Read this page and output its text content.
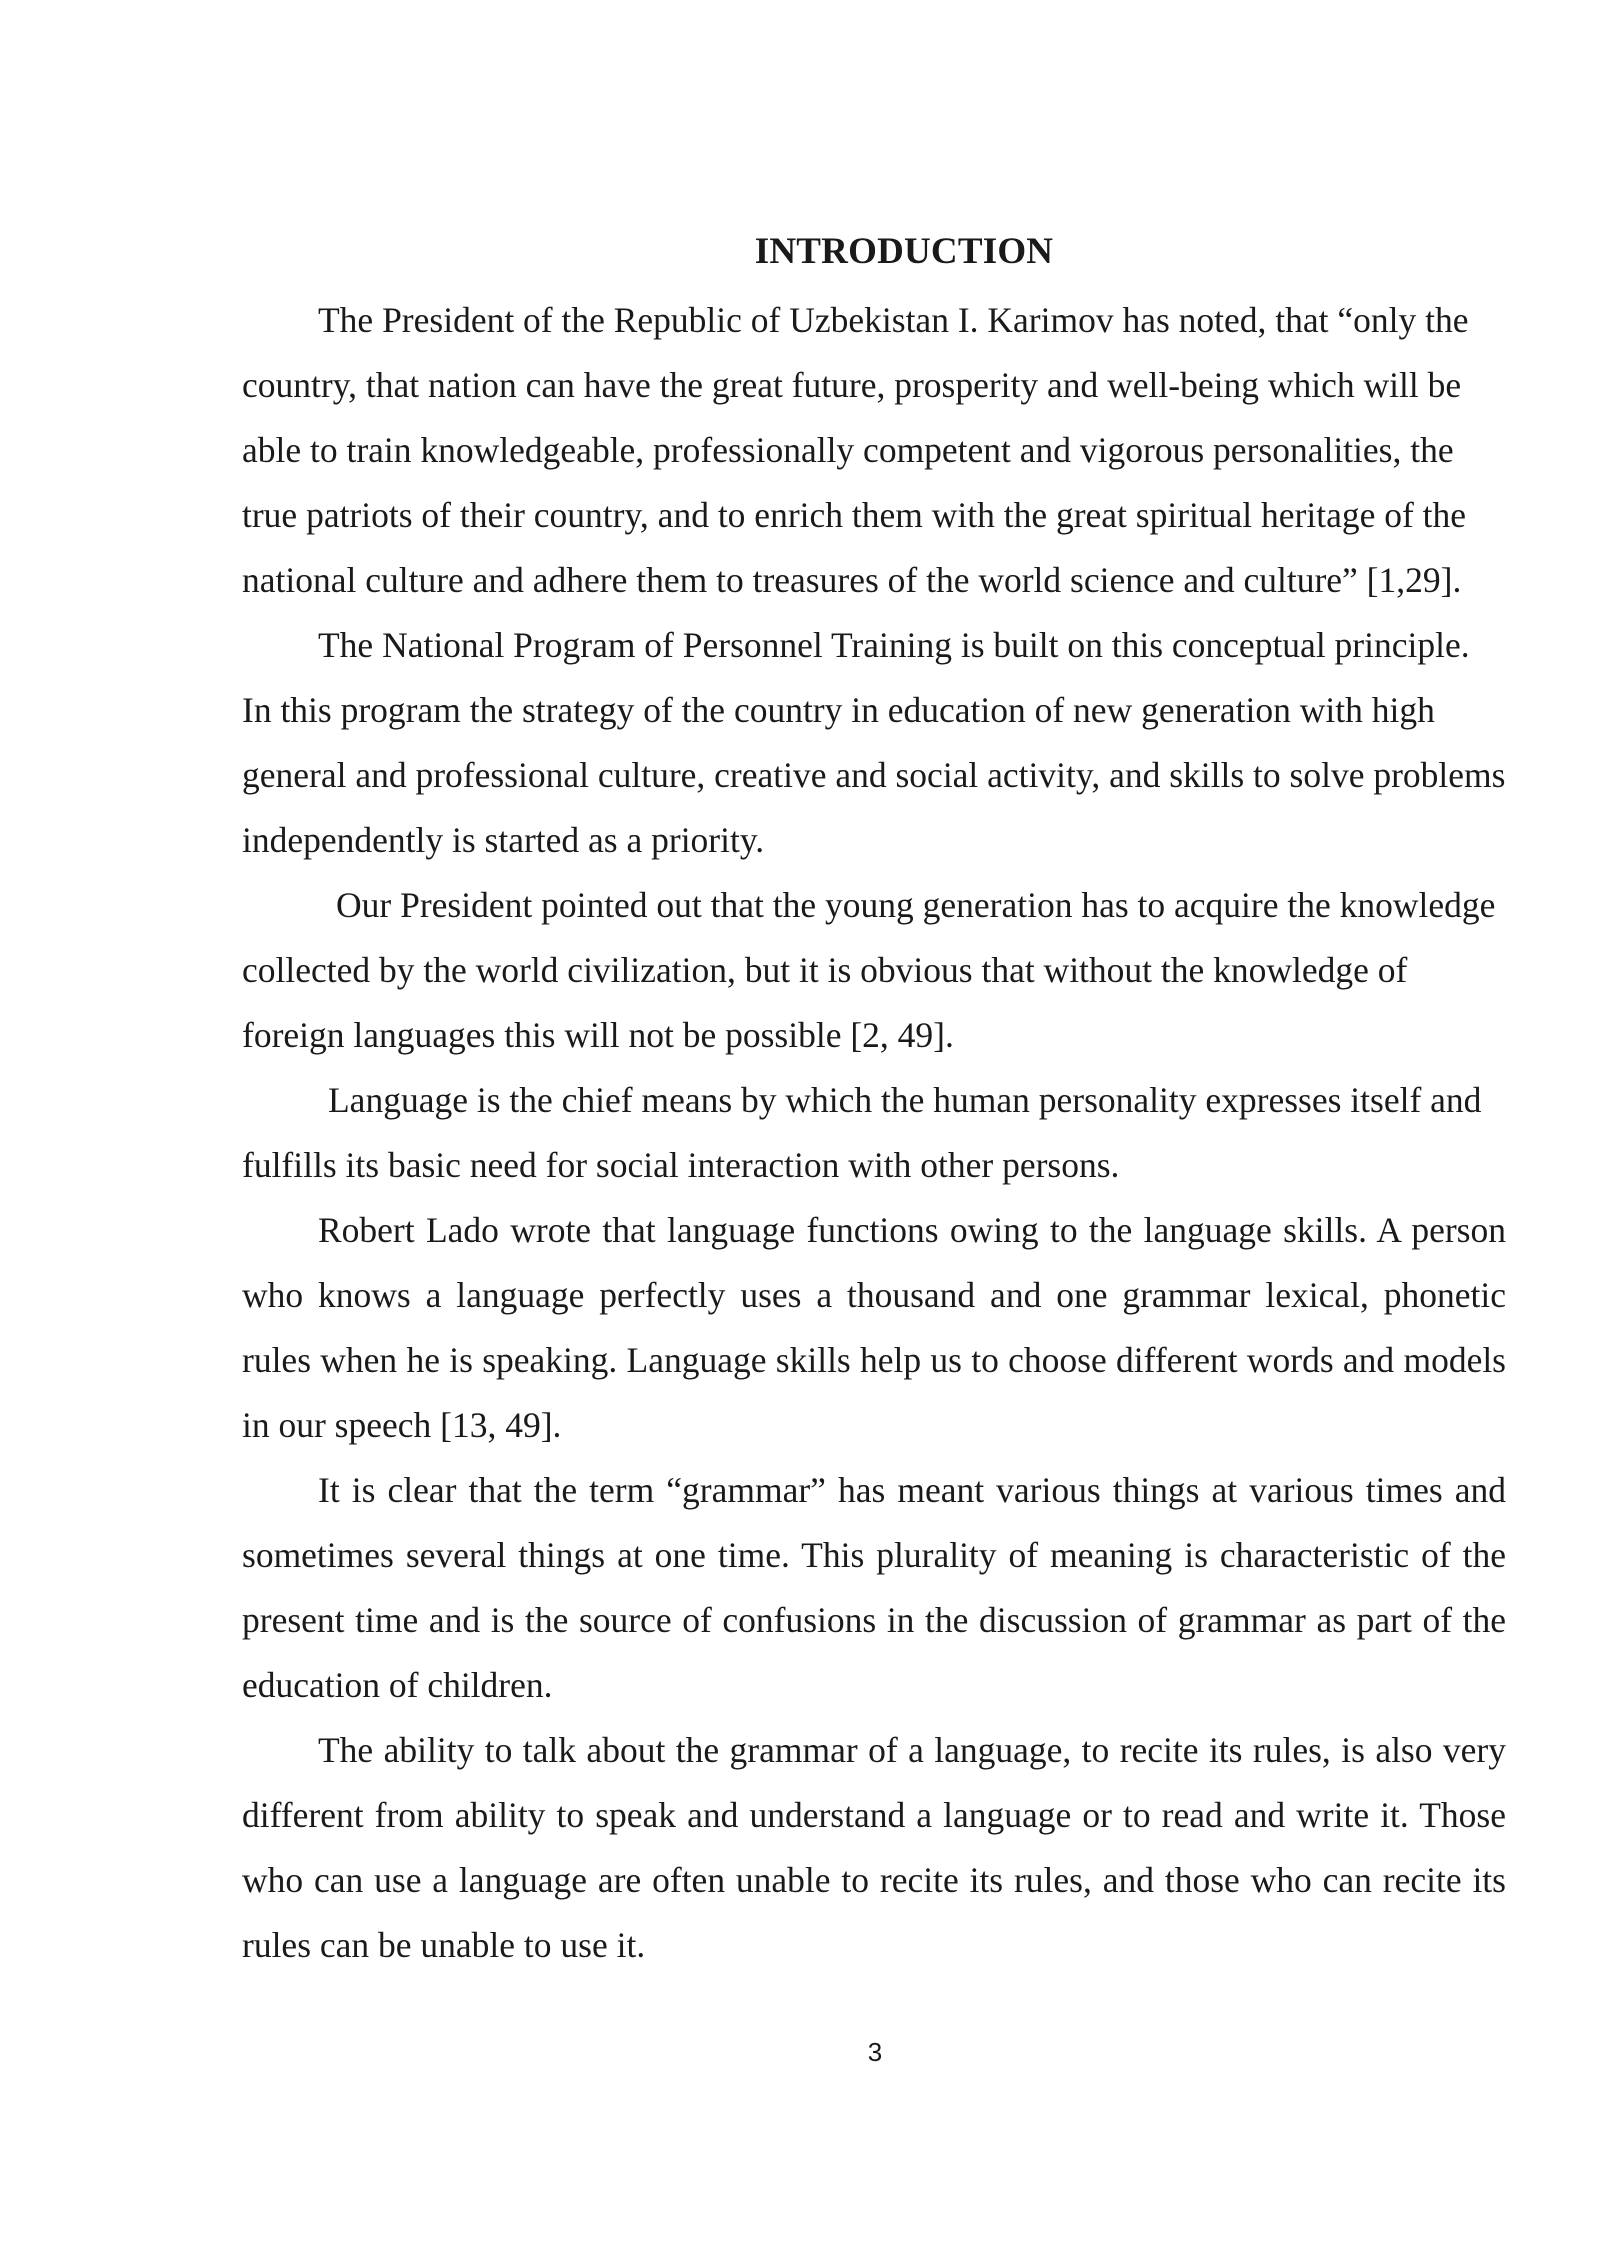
INTRODUCTION

The President of the Republic of Uzbekistan I. Karimov has noted, that “only the country, that nation can have the great future, prosperity and well-being which will be able to train knowledgeable, professionally competent and vigorous personalities, the true patriots of their country, and to enrich them with the great spiritual heritage of the national culture and adhere them to treasures of the world science and culture” [1,29].

The National Program of Personnel Training is built on this conceptual principle. In this program the strategy of the country in education of new generation with high general and professional culture, creative and social activity, and skills to solve problems independently is started as a priority.

Our President pointed out that the young generation has to acquire the knowledge collected by the world civilization, but it is obvious that without the knowledge of foreign languages this will not be possible [2, 49].

Language is the chief means by which the human personality expresses itself and fulfills its basic need for social interaction with other persons.

Robert Lado wrote that language functions owing to the language skills. A person who knows a language perfectly uses a thousand and one grammar lexical, phonetic rules when he is speaking. Language skills help us to choose different words and models in our speech [13, 49].

It is clear that the term “grammar” has meant various things at various times and sometimes several things at one time. This plurality of meaning is characteristic of the present time and is the source of confusions in the discussion of grammar as part of the education of children.

The ability to talk about the grammar of a language, to recite its rules, is also very different from ability to speak and understand a language or to read and write it. Those who can use a language are often unable to recite its rules, and those who can recite its rules can be unable to use it.

3
